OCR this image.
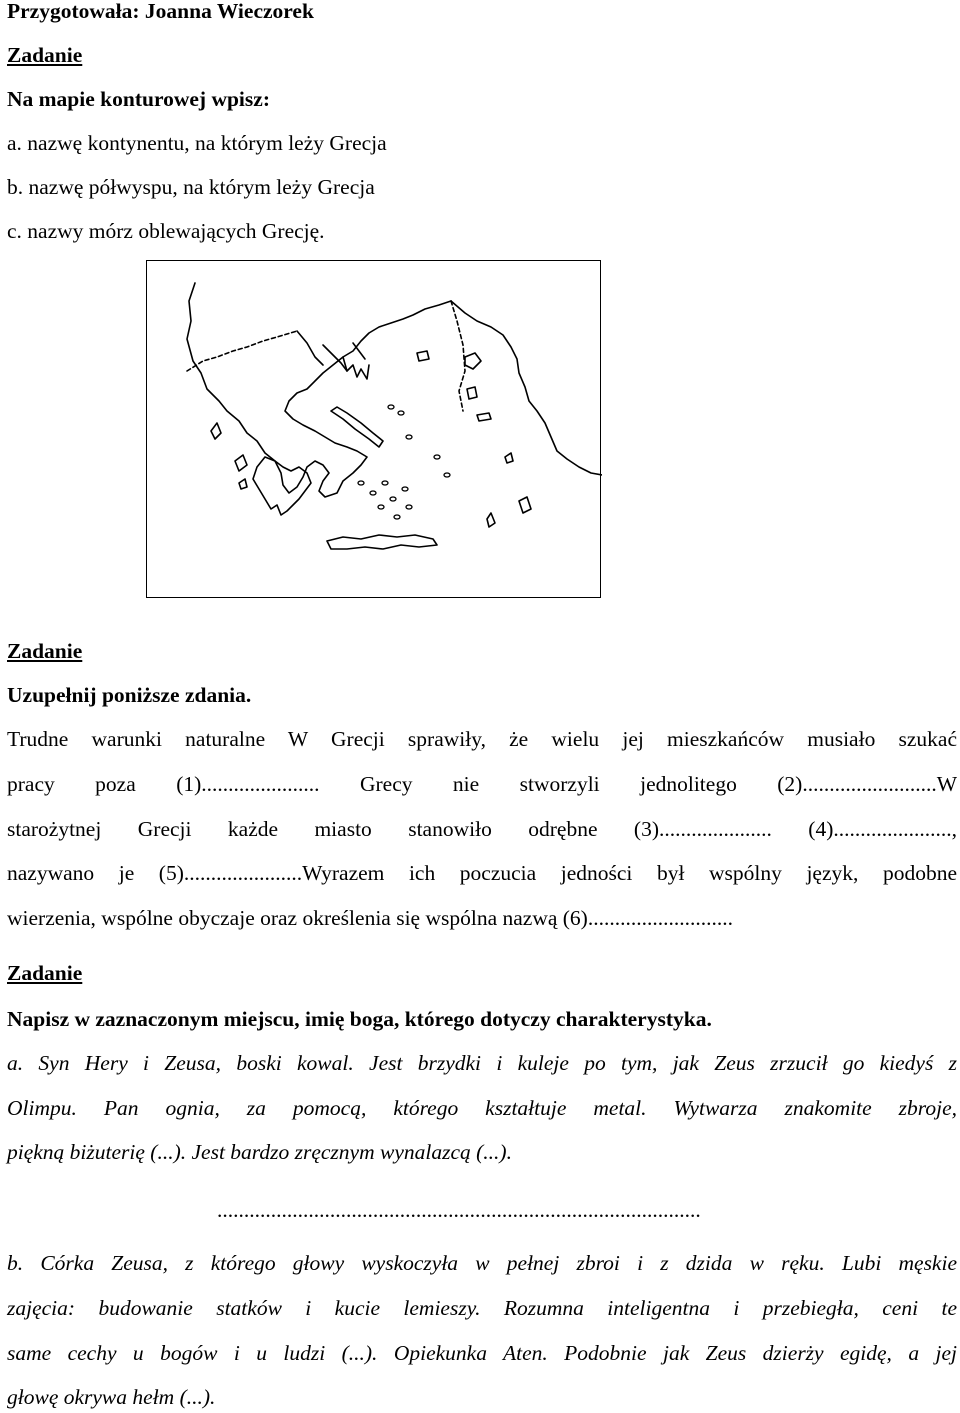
Przygotowała: Joanna Wieczorek
Zadanie
Na mapie konturowej wpisz:
a. nazwę kontynentu, na którym leży Grecja
b. nazwę półwyspu, na którym leży Grecja
c. nazwy mórz oblewających Grecję.
Zadanie
Uzupełnij poniższe zdania.
Trudne warunki naturalne W Grecji sprawiły, że wielu jej mieszkańców musiało szukać
pracy poza (1)...................... Grecy nie stworzyli jednolitego (2).........................W
starożytnej Grecji każde miasto stanowiło odrębne (3)..................... (4)......................,
nazywano je (5)......................Wyrazem ich poczucia jedności był wspólny język, podobne
wierzenia, wspólne obyczaje oraz określenia się wspólna nazwą (6)...........................
Zadanie
Napisz w zaznaczonym miejscu, imię boga, którego dotyczy charakterystyka.
a. Syn Hery i Zeusa, boski kowal. Jest brzydki i kuleje po tym, jak Zeus zrzucił go kiedyś z
Olimpu. Pan ognia, za pomocą, którego kształtuje metal. Wytwarza znakomite zbroje,
piękną biżuterię (...). Jest bardzo zręcznym wynalazcą (...).
..........................................................................................
b. Córka Zeusa, z którego głowy wyskoczyła w pełnej zbroi i z dzida w ręku. Lubi męskie
zajęcia: budowanie statków i kucie lemieszy. Rozumna inteligentna i przebiegła, ceni te
same cechy u bogów i u ludzi (...). Opiekunka Aten. Podobnie jak Zeus dzierży egidę, a jej
głowę okrywa hełm (...).
